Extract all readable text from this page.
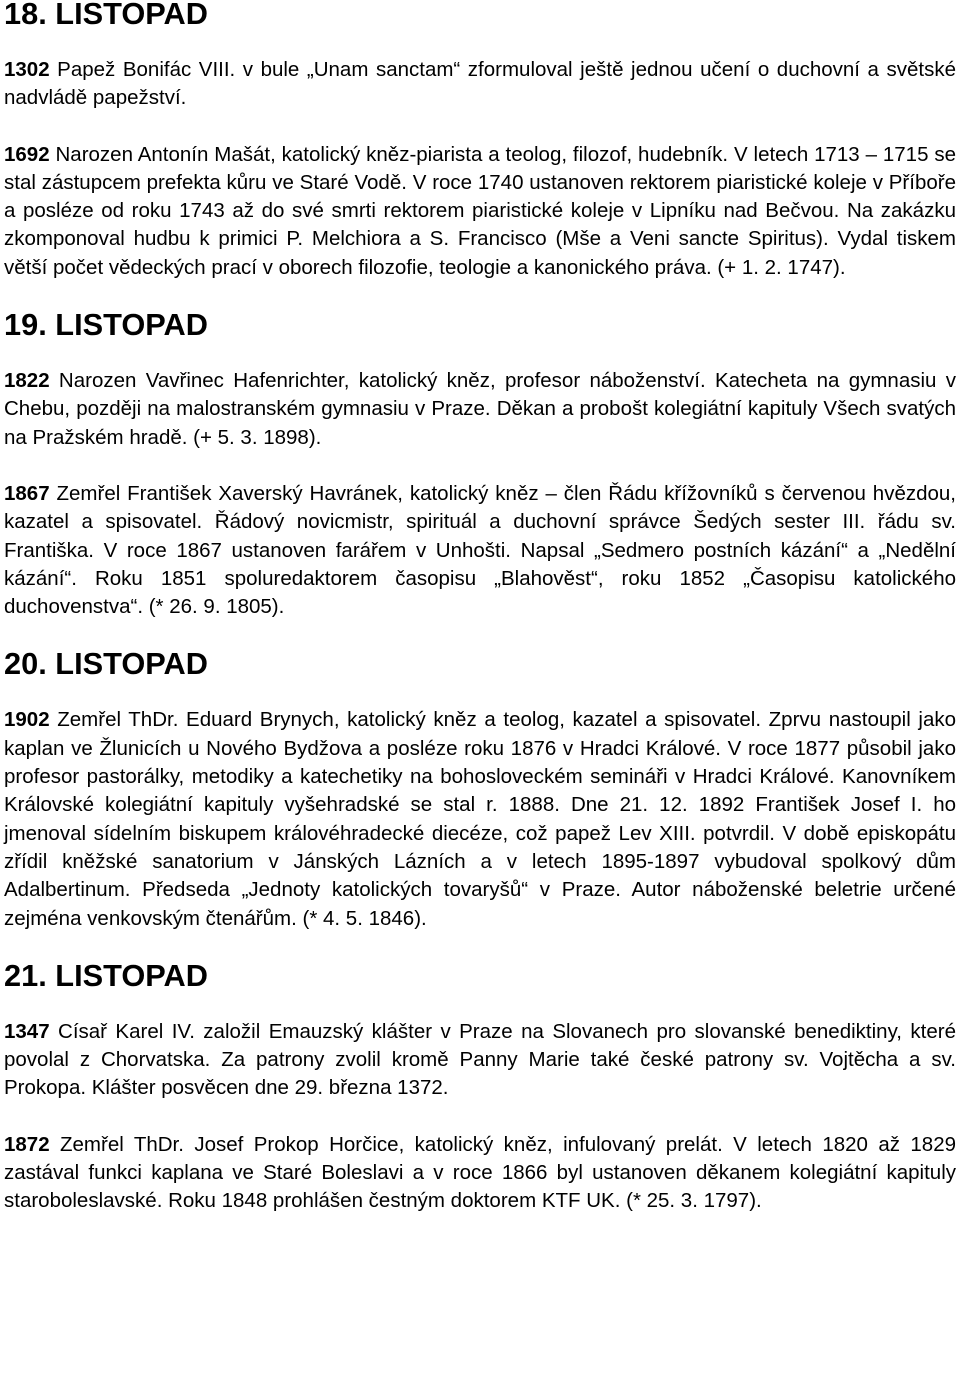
18. LISTOPAD

1302 Papež Bonifác VIII. v bule „Unam sanctam“ zformuloval ještě jednou učení o duchovní a světské nadvládě papežství.

1692 Narozen Antonín Mašát, katolický kněz-piarista a teolog, filozof, hudebník. V letech 1713 – 1715 se stal zástupcem prefekta kůru ve Staré Vodě. V roce 1740 ustanoven rektorem piaristické koleje v Příboře a posléze od roku 1743 až do své smrti rektorem piaristické koleje v Lipníku nad Bečvou. Na zakázku zkomponoval hudbu k primici P. Melchiora a S. Francisco (Mše a Veni sancte Spiritus). Vydal tiskem větší počet vědeckých prací v oborech filozofie, teologie a kanonického práva. (+ 1. 2. 1747).

19. LISTOPAD

1822 Narozen Vavřinec Hafenrichter, katolický kněz, profesor náboženství. Katecheta na gymnasiu v Chebu, později na malostranském gymnasiu v Praze. Děkan a probošt kolegiátní kapituly Všech svatých na Pražském hradě. (+ 5. 3. 1898).

1867 Zemřel František Xaverský Havránek, katolický kněz – člen Řádu křížovníků s červenou hvězdou, kazatel a spisovatel. Řádový novicmistr, spirituál a duchovní správce Šedých sester III. řádu sv. Františka. V roce 1867 ustanoven farářem v Unhošti. Napsal „Sedmero postních kázání“ a „Nedělní kázání“. Roku 1851 spoluredaktorem časopisu „Blahověst“, roku 1852 „Časopisu katolického duchovenstva“. (* 26. 9. 1805).

20. LISTOPAD

1902 Zemřel ThDr. Eduard Brynych, katolický kněz a teolog, kazatel a spisovatel. Zprvu nastoupil jako kaplan ve Žlunicích u Nového Bydžova a posléze roku 1876 v Hradci Králové. V roce 1877 působil jako profesor pastorálky, metodiky a katechetiky na bohosloveckém semináři v Hradci Králové. Kanovníkem Královské kolegiátní kapituly vyšehradské se stal r. 1888. Dne 21. 12. 1892 František Josef I. ho jmenoval sídelním biskupem královéhradecké diecéze, což papež Lev XIII. potvrdil. V době episkopátu zřídil kněžské sanatorium v Jánských Lázních a v letech 1895-1897 vybudoval spolkový dům Adalbertinum. Předseda „Jednoty katolických tovaryšů“ v Praze. Autor náboženské beletrie určené zejména venkovským čtenářům. (* 4. 5. 1846).

21. LISTOPAD

1347 Císař Karel IV. založil Emauzský klášter v Praze na Slovanech pro slovanské benediktiny, které povolal z Chorvatska. Za patrony zvolil kromě Panny Marie také české patrony sv. Vojtěcha a sv. Prokopa. Klášter posvěcen dne 29. března 1372.

1872 Zemřel ThDr. Josef Prokop Horčice, katolický kněz, infulovaný prelát. V letech 1820 až 1829 zastával funkci kaplana ve Staré Boleslavi a v roce 1866 byl ustanoven děkanem kolegiátní kapituly staroboleslavské. Roku 1848 prohlášen čestným doktorem KTF UK. (* 25. 3. 1797).
